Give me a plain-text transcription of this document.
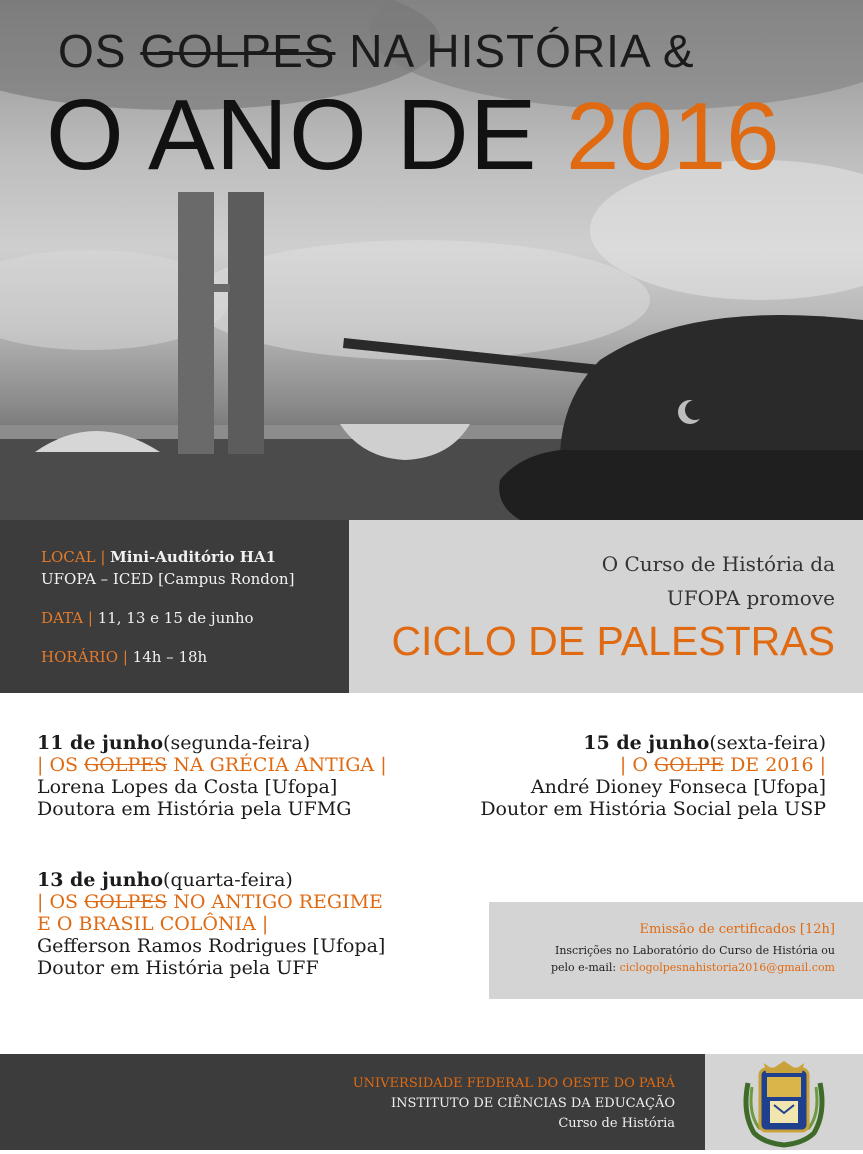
OS GOLPES NA HISTÓRIA &
O ANO DE 2016
LOCAL | Mini-Auditório HA1
UFOPA – ICED [Campus Rondon]
DATA | 11, 13 e 15 de junho
HORÁRIO | 14h – 18h
O Curso de História da
UFOPA promove
CICLO DE PALESTRAS
11 de junho(segunda-feira)
| OS GOLPES NA GRÉCIA ANTIGA |
Lorena Lopes da Costa [Ufopa]
Doutora em História pela UFMG
13 de junho(quarta-feira)
| OS GOLPES NO ANTIGO REGIME
E O BRASIL COLÔNIA |
Gefferson Ramos Rodrigues [Ufopa]
Doutor em História pela UFF
15 de junho(sexta-feira)
| O GOLPE DE 2016 |
André Dioney Fonseca [Ufopa]
Doutor em História Social pela USP
Emissão de certificados [12h]
Inscrições no Laboratório do Curso de História ou
pelo e-mail: ciclogolpesnahistoria2016@gmail.com
UNIVERSIDADE FEDERAL DO OESTE DO PARÁ
INSTITUTO DE CIÊNCIAS DA EDUCAÇÃO
Curso de História
